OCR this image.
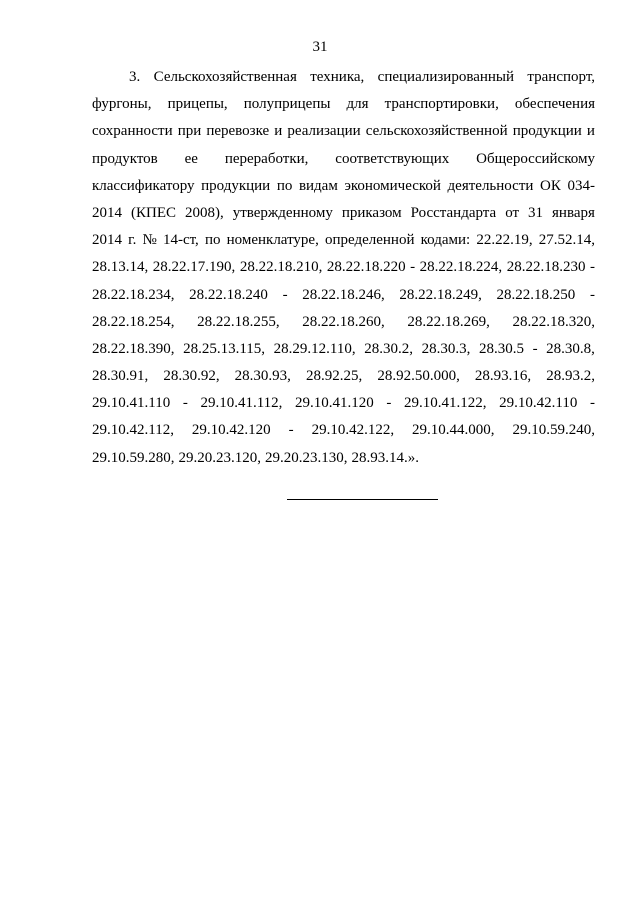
31
3. Сельскохозяйственная техника, специализированный транспорт,
фургоны, прицепы, полуприцепы для транспортировки, обеспечения
сохранности при перевозке и реализации сельскохозяйственной продукции и
продуктов ее переработки, соответствующих Общероссийскому
классификатору продукции по видам экономической деятельности ОК 034-
2014 (КПЕС 2008), утвержденному приказом Росстандарта от 31 января
2014 г. № 14-ст, по номенклатуре, определенной кодами: 22.22.19, 27.52.14,
28.13.14, 28.22.17.190, 28.22.18.210, 28.22.18.220 - 28.22.18.224, 28.22.18.230 -
28.22.18.234, 28.22.18.240 - 28.22.18.246, 28.22.18.249, 28.22.18.250 -
28.22.18.254, 28.22.18.255, 28.22.18.260, 28.22.18.269, 28.22.18.320,
28.22.18.390, 28.25.13.115, 28.29.12.110, 28.30.2, 28.30.3, 28.30.5 - 28.30.8,
28.30.91, 28.30.92, 28.30.93, 28.92.25, 28.92.50.000, 28.93.16, 28.93.2,
29.10.41.110 - 29.10.41.112, 29.10.41.120 - 29.10.41.122, 29.10.42.110 -
29.10.42.112, 29.10.42.120 - 29.10.42.122, 29.10.44.000, 29.10.59.240,
29.10.59.280, 29.20.23.120, 29.20.23.130, 28.93.14.».
